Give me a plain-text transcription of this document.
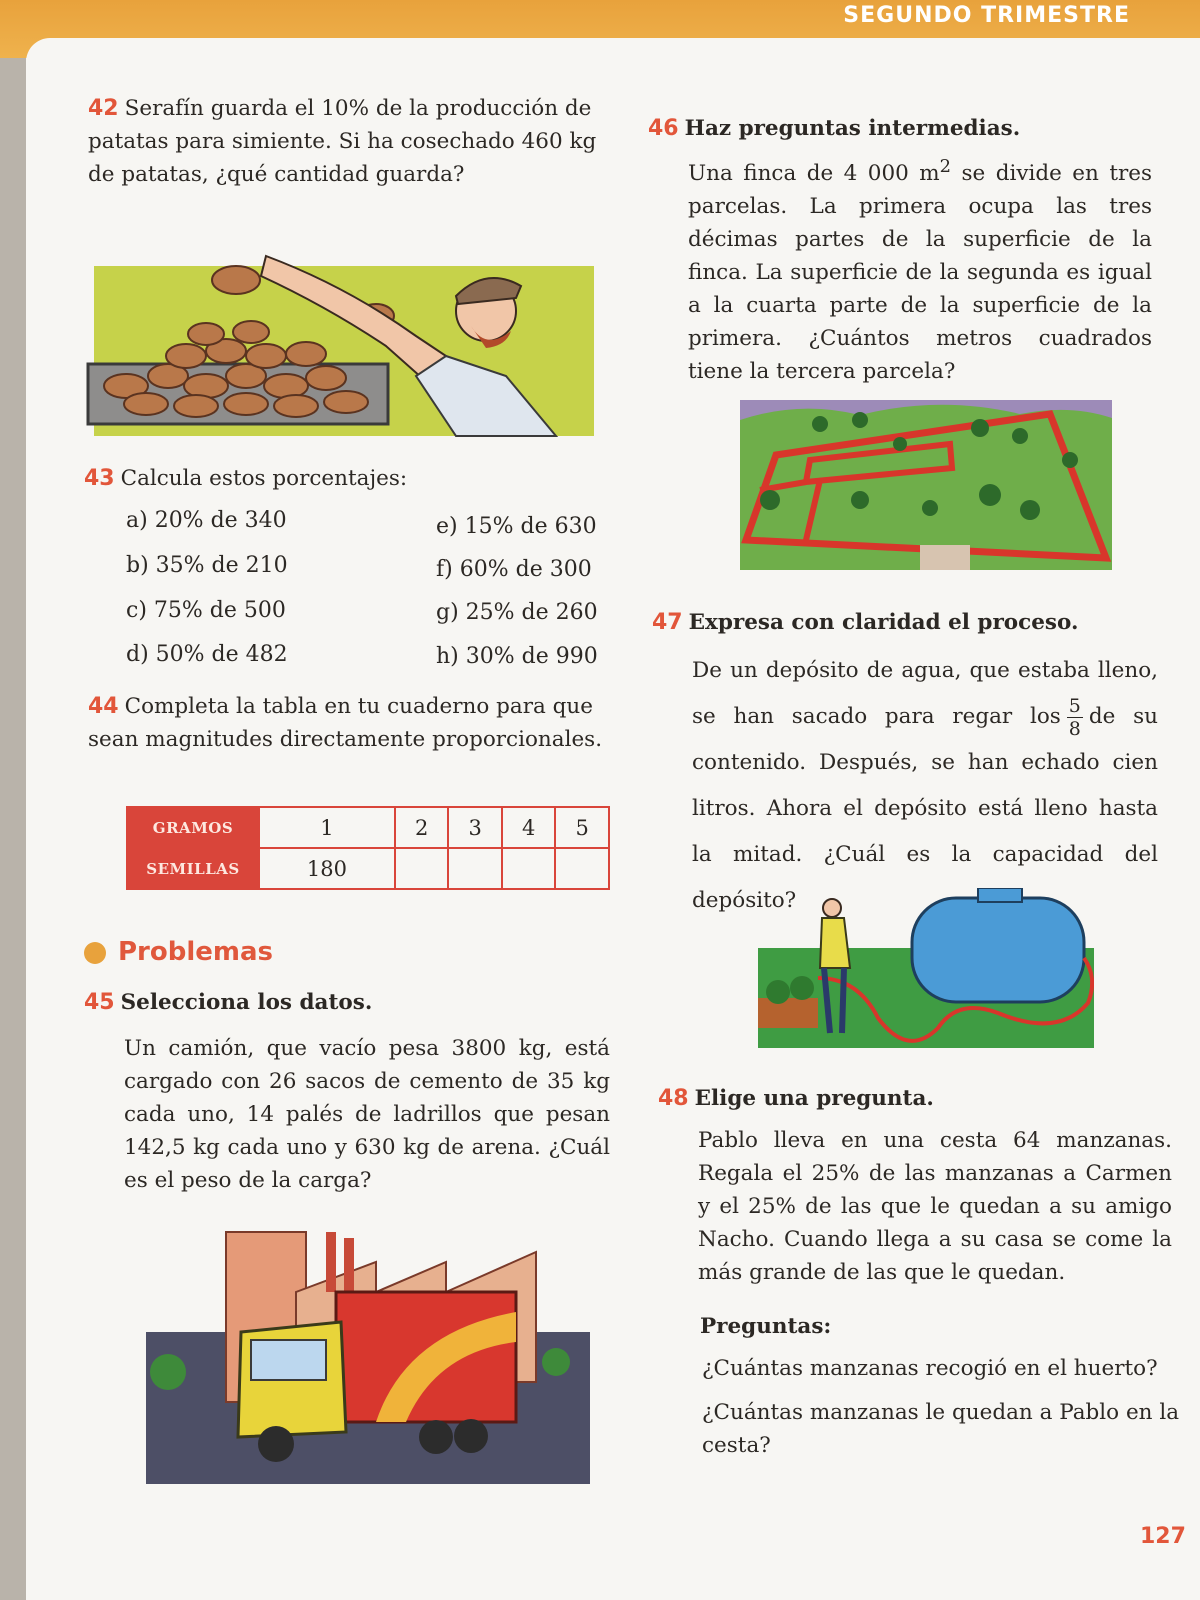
SEGUNDO TRIMESTRE
42 Serafín guarda el 10% de la producción de patatas para simiente. Si ha cosechado 460 kg de patatas, ¿qué cantidad guarda?
43 Calcula estos porcentajes:
a) 20% de 340
b) 35% de 210
c) 75% de 500
d) 50% de 482
e) 15% de 630
f) 60% de 300
g) 25% de 260
h) 30% de 990
44 Completa la tabla en tu cuaderno para que sean magnitudes directamente proporcionales.
GRAMOS	1	2	3	4	5
SEMILLAS	180				
Problemas
45 Selecciona los datos.
Un camión, que vacío pesa 3800 kg, está cargado con 26 sacos de cemento de 35 kg cada uno, 14 palés de ladrillos que pesan 142,5 kg cada uno y 630 kg de arena. ¿Cuál es el peso de la carga?
46 Haz preguntas intermedias.
Una finca de 4 000 $m^2$ se divide en tres parcelas. La primera ocupa las tres décimas partes de la superficie de la finca. La superficie de la segunda es igual a la cuarta parte de la superficie de la primera. ¿Cuántos metros cuadrados tiene la tercera parcela?
47 Expresa con claridad el proceso.
De un depósito de agua, que estaba lleno, se han sacado para regar los $\frac{5}{8}$ de su contenido. Después, se han echado cien litros. Ahora el depósito está lleno hasta la mitad. ¿Cuál es la capacidad del depósito?
48 Elige una pregunta.
Pablo lleva en una cesta 64 manzanas. Regala el 25% de las manzanas a Carmen y el 25% de las que le quedan a su amigo Nacho. Cuando llega a su casa se come la más grande de las que le quedan.
Preguntas:
¿Cuántas manzanas recogió en el huerto?
¿Cuántas manzanas le quedan a Pablo en la cesta?
127
